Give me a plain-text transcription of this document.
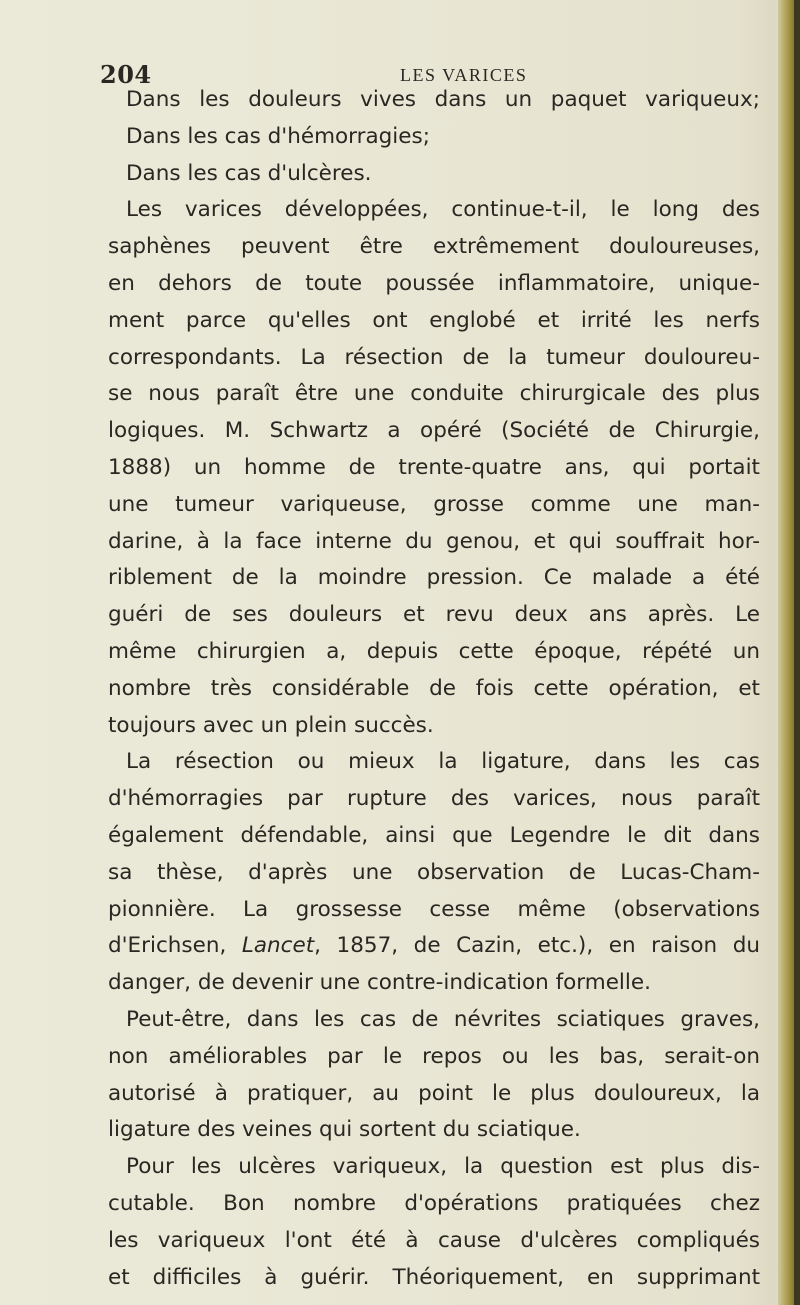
204	LES VARICES
Dans les douleurs vives dans un paquet variqueux;
Dans les cas d'hémorragies;
Dans les cas d'ulcères.
Les varices développées, continue-t-il, le long des
saphènes peuvent être extrêmement douloureuses,
en dehors de toute poussée inflammatoire, unique-
ment parce qu'elles ont englobé et irrité les nerfs
correspondants. La résection de la tumeur douloureu-
se nous paraît être une conduite chirurgicale des plus
logiques. M. Schwartz a opéré (Société de Chirurgie,
1888) un homme de trente-quatre ans, qui portait
une tumeur variqueuse, grosse comme une man-
darine, à la face interne du genou, et qui souffrait hor-
riblement de la moindre pression. Ce malade a été
guéri de ses douleurs et revu deux ans après. Le
même chirurgien a, depuis cette époque, répété un
nombre très considérable de fois cette opération, et
toujours avec un plein succès.
La résection ou mieux la ligature, dans les cas
d'hémorragies par rupture des varices, nous paraît
également défendable, ainsi que Legendre le dit dans
sa thèse, d'après une observation de Lucas-Cham-
pionnière. La grossesse cesse même (observations
d'Erichsen, Lancet, 1857, de Cazin, etc.), en raison du
danger, de devenir une contre-indication formelle.
Peut-être, dans les cas de névrites sciatiques graves,
non améliorables par le repos ou les bas, serait-on
autorisé à pratiquer, au point le plus douloureux, la
ligature des veines qui sortent du sciatique.
Pour les ulcères variqueux, la question est plus dis-
cutable. Bon nombre d'opérations pratiquées chez
les variqueux l'ont été à cause d'ulcères compliqués
et difficiles à guérir. Théoriquement, en supprimant
